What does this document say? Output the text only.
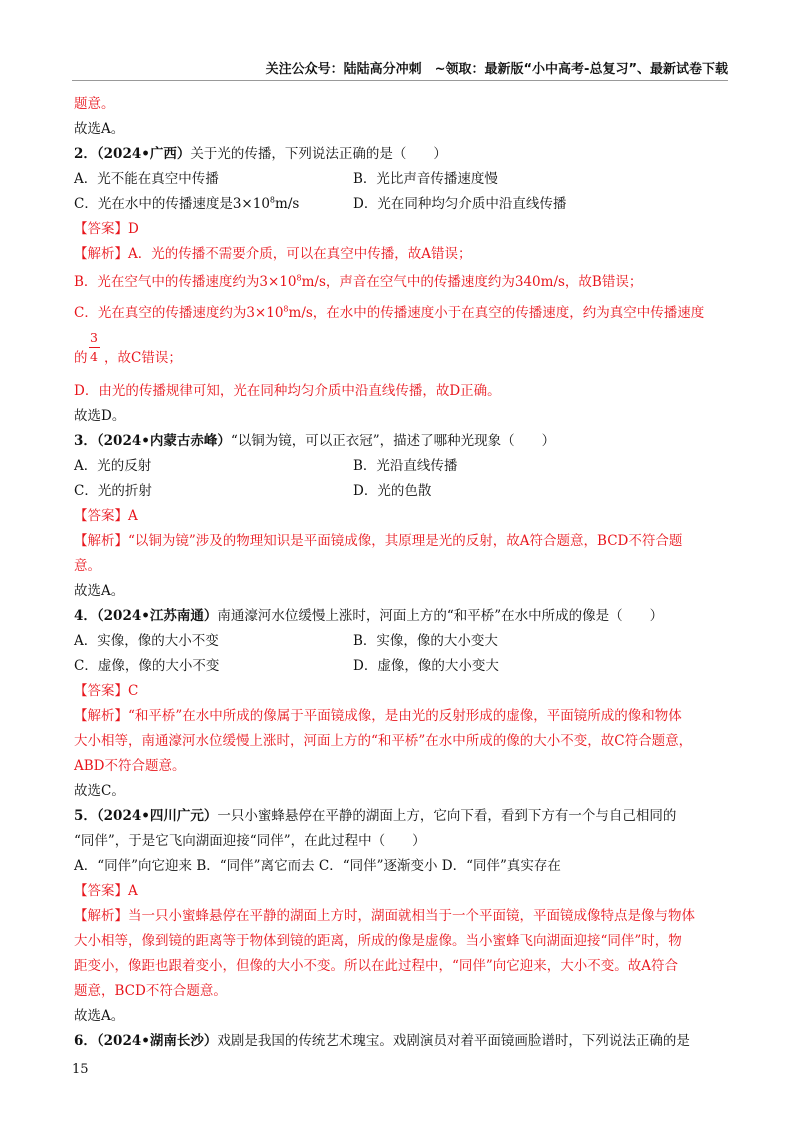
关注公众号：陆陆高分冲刺　~领取：最新版“小中高考-总复习”、最新试卷下载
题意。
故选A。
2．（2024•广西）关于光的传播，下列说法正确的是（　　）
A．光不能在真空中传播	B．光比声音传播速度慢
C．光在水中的传播速度是$3\times 10^8m/s$	D．光在同种均匀介质中沿直线传播
【答案】D
【解析】A．光的传播不需要介质，可以在真空中传播，故A错误；
B．光在空气中的传播速度约为$3\times 10^8m/s$，声音在空气中的传播速度约为340m/s，故B错误；
C．光在真空的传播速度约为$3\times 10^8m/s$，在水中的传播速度小于在真空的传播速度，约为真空中传播速度
的
3
4 ，故C错误；
D．由光的传播规律可知，光在同种均匀介质中沿直线传播，故D正确。
故选D。
3．（2024•内蒙古赤峰）“以铜为镜，可以正衣冠”，描述了哪种光现象（　　）
A．光的反射	B．光沿直线传播
C．光的折射	D．光的色散
【答案】A
【解析】“以铜为镜”涉及的物理知识是平面镜成像，其原理是光的反射，故A符合题意，BCD不符合题
意。
故选A。
4．（2024•江苏南通）南通濠河水位缓慢上涨时，河面上方的“和平桥”在水中所成的像是（　　）
A．实像，像的大小不变	B．实像，像的大小变大
C．虚像，像的大小不变	D．虚像，像的大小变大
【答案】C
【解析】“和平桥”在水中所成的像属于平面镜成像，是由光的反射形成的虚像，平面镜所成的像和物体
大小相等，南通濠河水位缓慢上涨时，河面上方的“和平桥”在水中所成的像的大小不变，故C符合题意，
ABD不符合题意。
故选C。
5．（2024•四川广元）一只小蜜蜂悬停在平静的湖面上方，它向下看，看到下方有一个与自己相同的
“同伴”，于是它飞向湖面迎接“同伴”，在此过程中（　　）
A．“同伴”向它迎来 B．“同伴”离它而去 C．“同伴”逐渐变小 D．“同伴”真实存在
【答案】A
【解析】当一只小蜜蜂悬停在平静的湖面上方时，湖面就相当于一个平面镜，平面镜成像特点是像与物体
大小相等，像到镜的距离等于物体到镜的距离，所成的像是虚像。当小蜜蜂飞向湖面迎接“同伴”时，物
距变小，像距也跟着变小，但像的大小不变。所以在此过程中，“同伴”向它迎来，大小不变。故A符合
题意，BCD不符合题意。
故选A。
6．（2024•湖南长沙）戏剧是我国的传统艺术瑰宝。戏剧演员对着平面镜画脸谱时，下列说法正确的是
15
